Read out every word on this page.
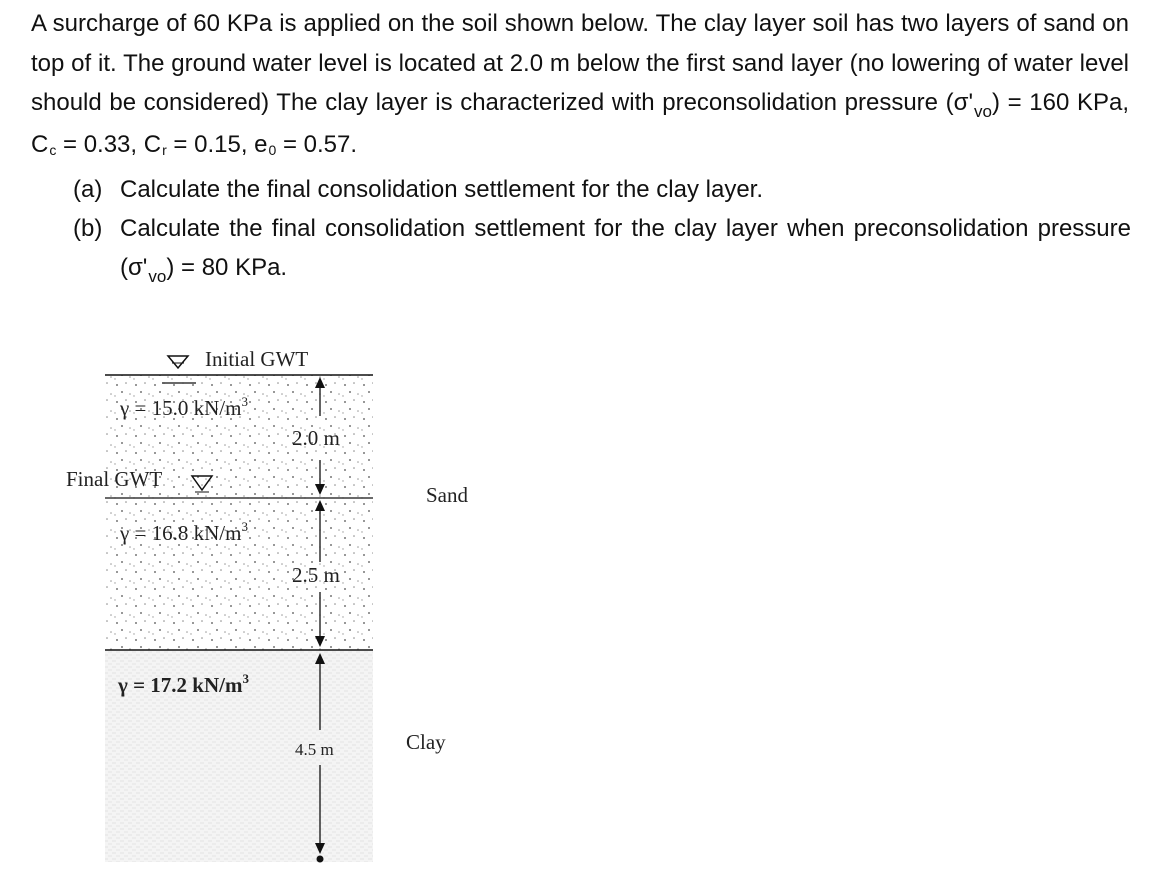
A surcharge of 60 KPa is applied on the soil shown below. The clay layer soil has two layers of sand on top of it. The ground water level is located at 2.0 m below the first sand layer (no lowering of water level should be considered) The clay layer is characterized with preconsolidation pressure $(\sigma'_{vo}) = 160$ KPa, Cc = 0.33, Cr = 0.15, e0 = 0.57.

(a) Calculate the final consolidation settlement for the clay layer.
(b) Calculate the final consolidation settlement for the clay layer when preconsolidation pressure $(\sigma'_{vo}) = 80$ KPa.
Initial GWT
Final GWT
γ = 15.0 $kN/m^3$
2.0 m
γ = 16.8 $kN/m^3$
2.5 m
γ = 17.2 $kN/m^3$
4.5 m
Sand
Clay
